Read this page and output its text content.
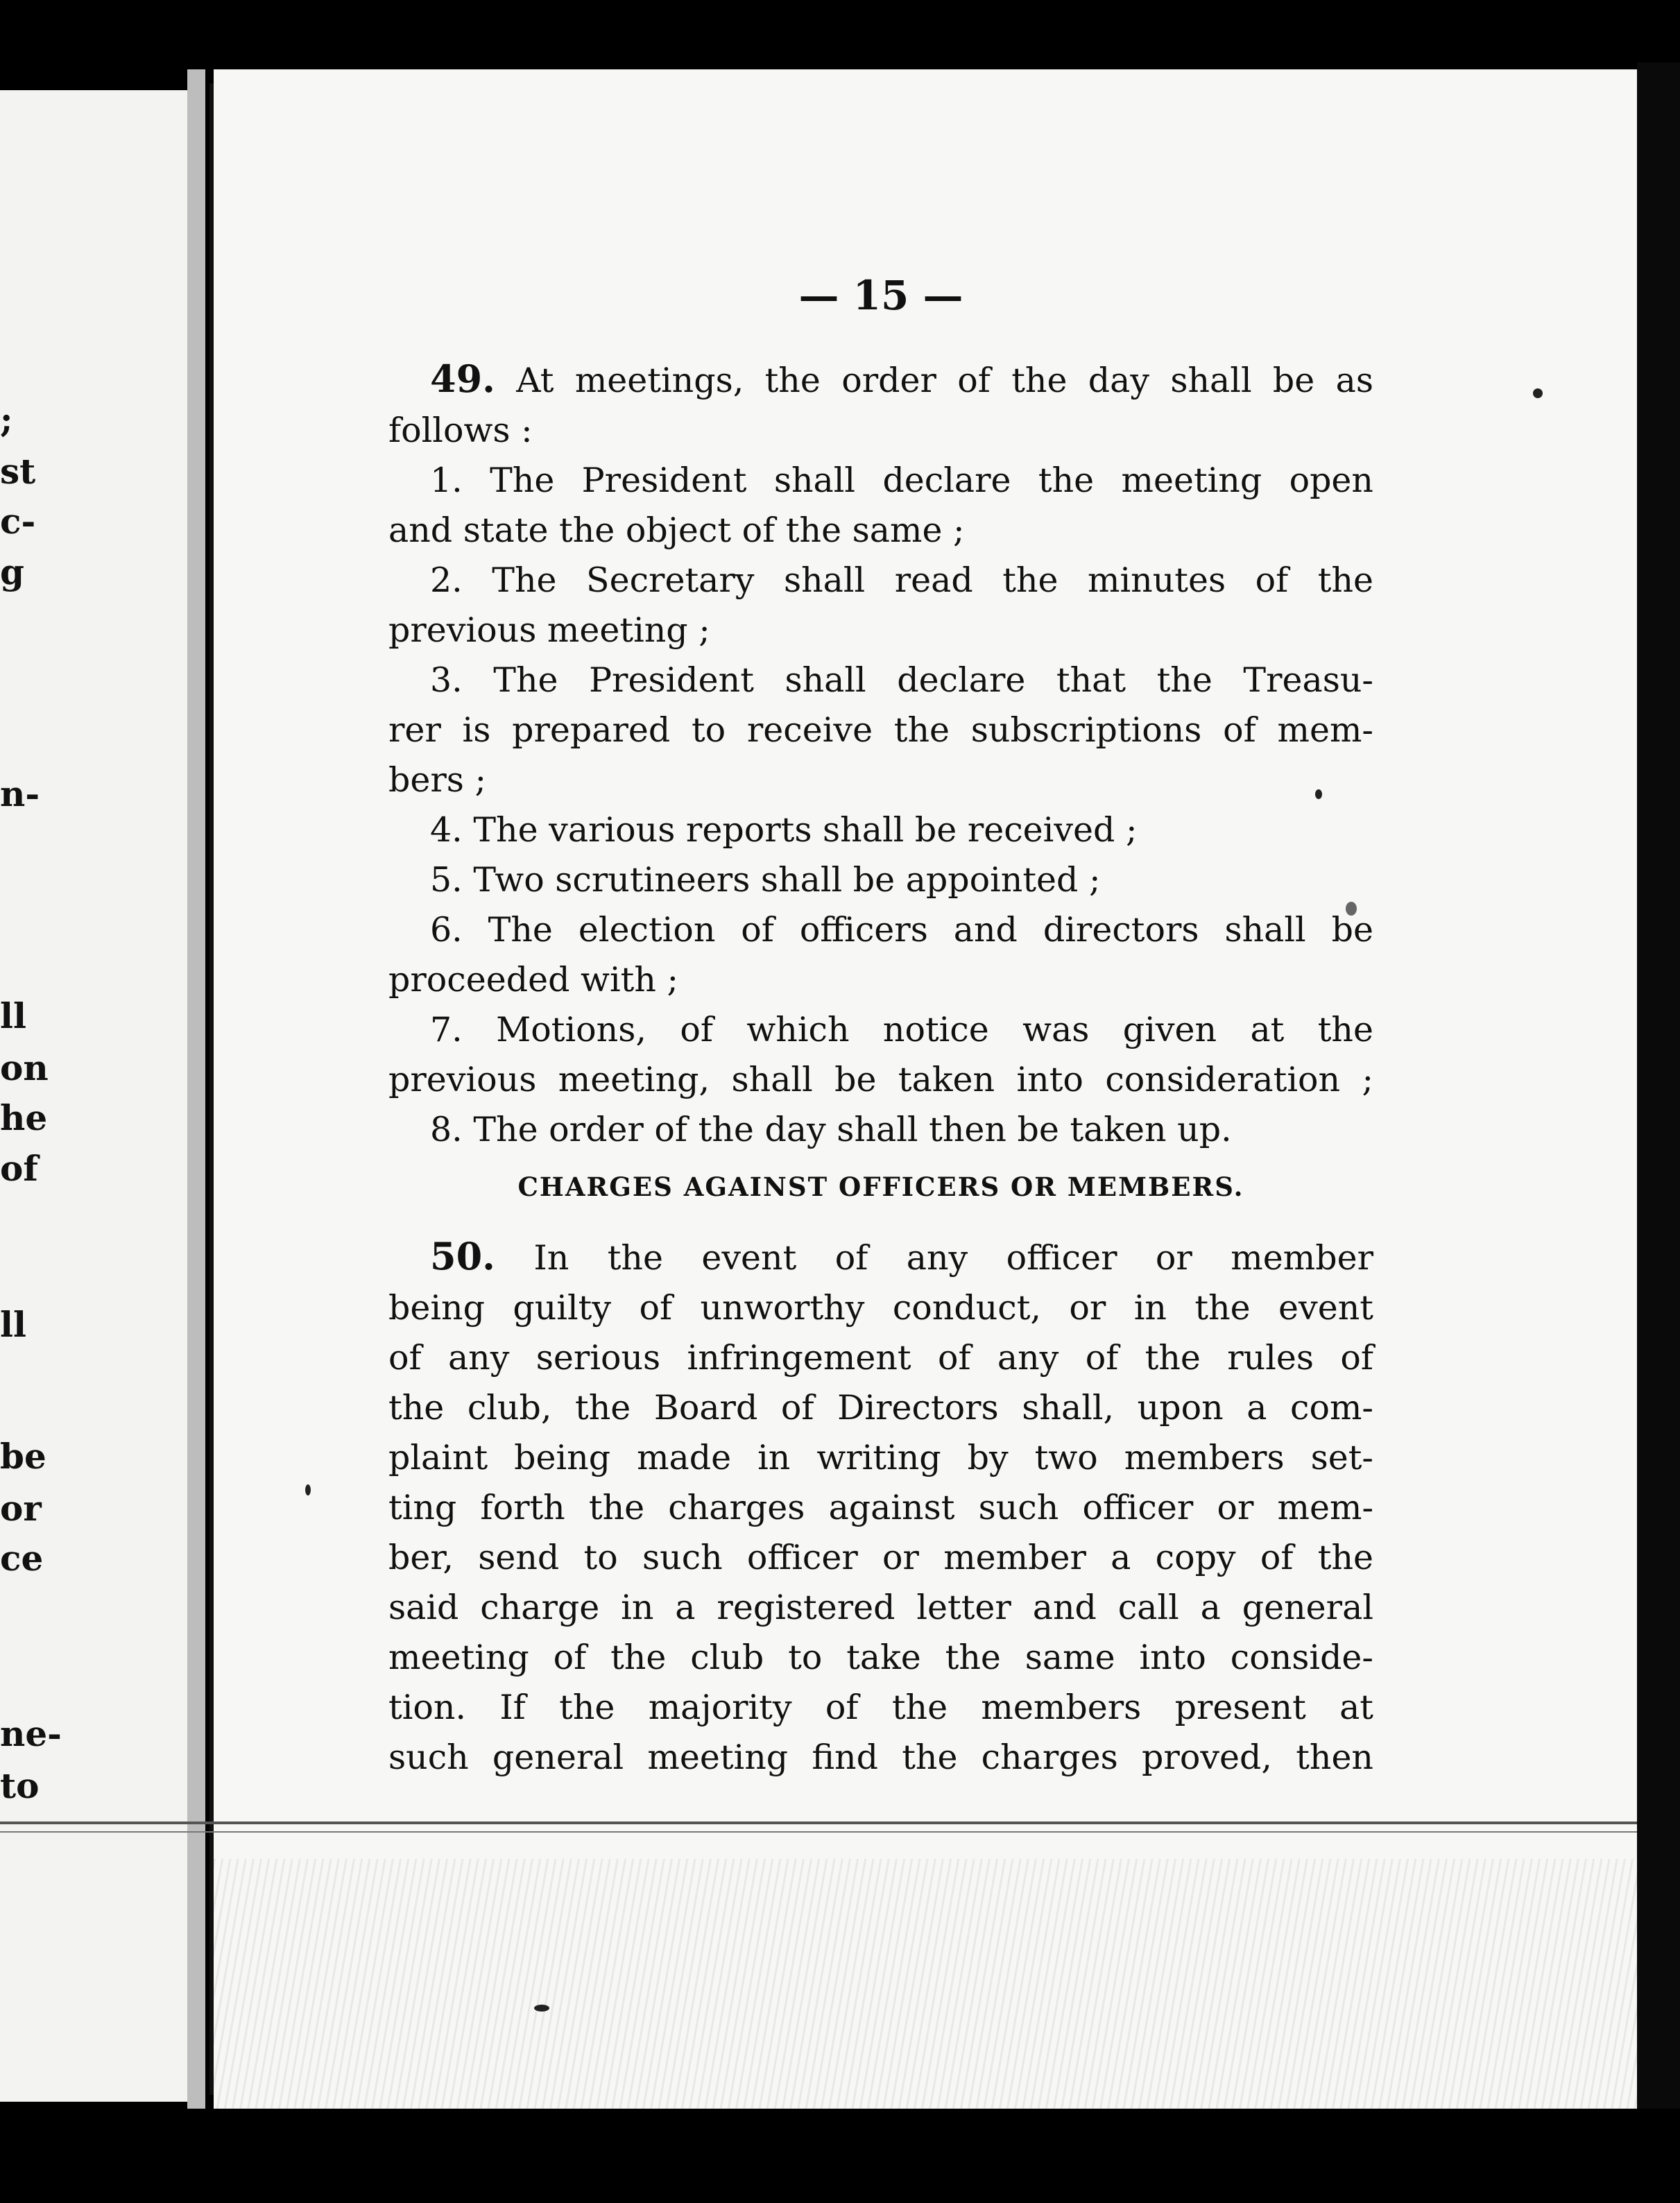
;
st
c-
g
n-
ll
on
he
of
ll
be
or
ce
ne-
to
— 15 —
49. At meetings, the order of the day shall be as
follows :
1. The President shall declare the meeting open
and state the object of the same ;
2. The Secretary shall read the minutes of the
previous meeting ;
3. The President shall declare that the Treasu-
rer is prepared to receive the subscriptions of mem-
bers ;
4. The various reports shall be received ;
5. Two scrutineers shall be appointed ;
6. The election of officers and directors shall be
proceeded with ;
7. Motions, of which notice was given at the
previous meeting, shall be taken into consideration ;
8. The order of the day shall then be taken up.
CHARGES AGAINST OFFICERS OR MEMBERS.
50. In the event of any officer or member
being guilty of unworthy conduct, or in the event
of any serious infringement of any of the rules of
the club, the Board of Directors shall, upon a com-
plaint being made in writing by two members set-
ting forth the charges against such officer or mem-
ber, send to such officer or member a copy of the
said charge in a registered letter and call a general
meeting of the club to take the same into conside-
tion. If the majority of the members present at
such general meeting find the charges proved, then
